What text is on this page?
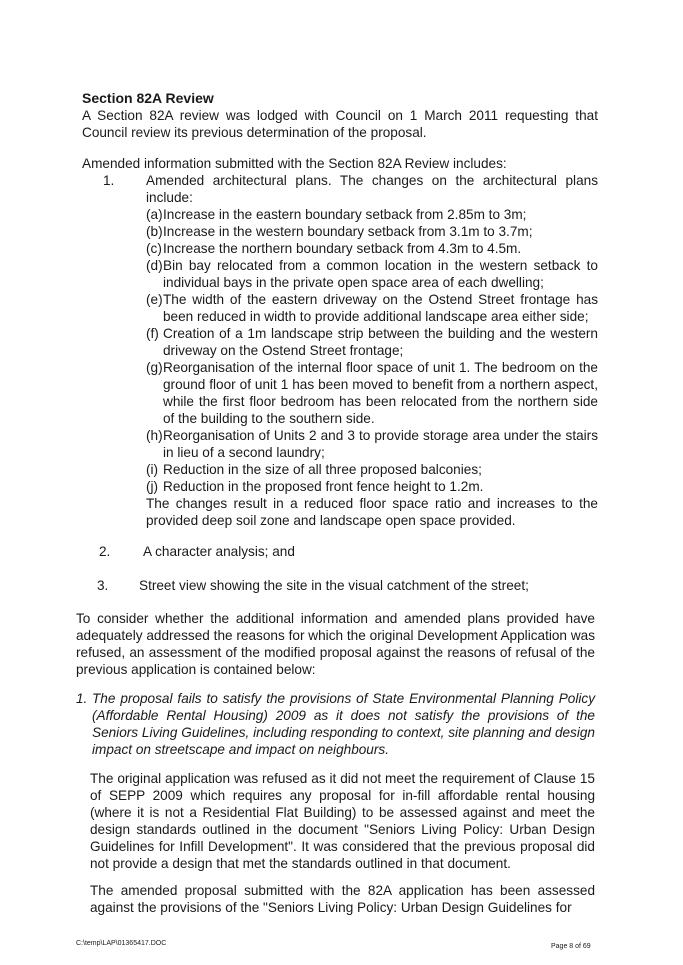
Section 82A Review
A Section 82A review was lodged with Council on 1 March 2011 requesting that Council review its previous determination of the proposal.
Amended information submitted with the Section 82A Review includes:
1. Amended architectural plans. The changes on the architectural plans include:
(a) Increase in the eastern boundary setback from 2.85m to 3m;
(b) Increase in the western boundary setback from 3.1m to 3.7m;
(c) Increase the northern boundary setback from 4.3m to 4.5m.
(d) Bin bay relocated from a common location in the western setback to individual bays in the private open space area of each dwelling;
(e) The width of the eastern driveway on the Ostend Street frontage has been reduced in width to provide additional landscape area either side;
(f) Creation of a 1m landscape strip between the building and the western driveway on the Ostend Street frontage;
(g) Reorganisation of the internal floor space of unit 1. The bedroom on the ground floor of unit 1 has been moved to benefit from a northern aspect, while the first floor bedroom has been relocated from the northern side of the building to the southern side.
(h) Reorganisation of Units 2 and 3 to provide storage area under the stairs in lieu of a second laundry;
(i) Reduction in the size of all three proposed balconies;
(j) Reduction in the proposed front fence height to 1.2m.
The changes result in a reduced floor space ratio and increases to the provided deep soil zone and landscape open space provided.
2. A character analysis; and
3. Street view showing the site in the visual catchment of the street;
To consider whether the additional information and amended plans provided have adequately addressed the reasons for which the original Development Application was refused, an assessment of the modified proposal against the reasons of refusal of the previous application is contained below:
1. The proposal fails to satisfy the provisions of State Environmental Planning Policy (Affordable Rental Housing) 2009 as it does not satisfy the provisions of the Seniors Living Guidelines, including responding to context, site planning and design impact on streetscape and impact on neighbours.
The original application was refused as it did not meet the requirement of Clause 15 of SEPP 2009 which requires any proposal for in-fill affordable rental housing (where it is not a Residential Flat Building) to be assessed against and meet the design standards outlined in the document "Seniors Living Policy: Urban Design Guidelines for Infill Development". It was considered that the previous proposal did not provide a design that met the standards outlined in that document.
The amended proposal submitted with the 82A application has been assessed against the provisions of the "Seniors Living Policy: Urban Design Guidelines for
C:\temp\LAP\01365417.DOC	Page 8 of 69
